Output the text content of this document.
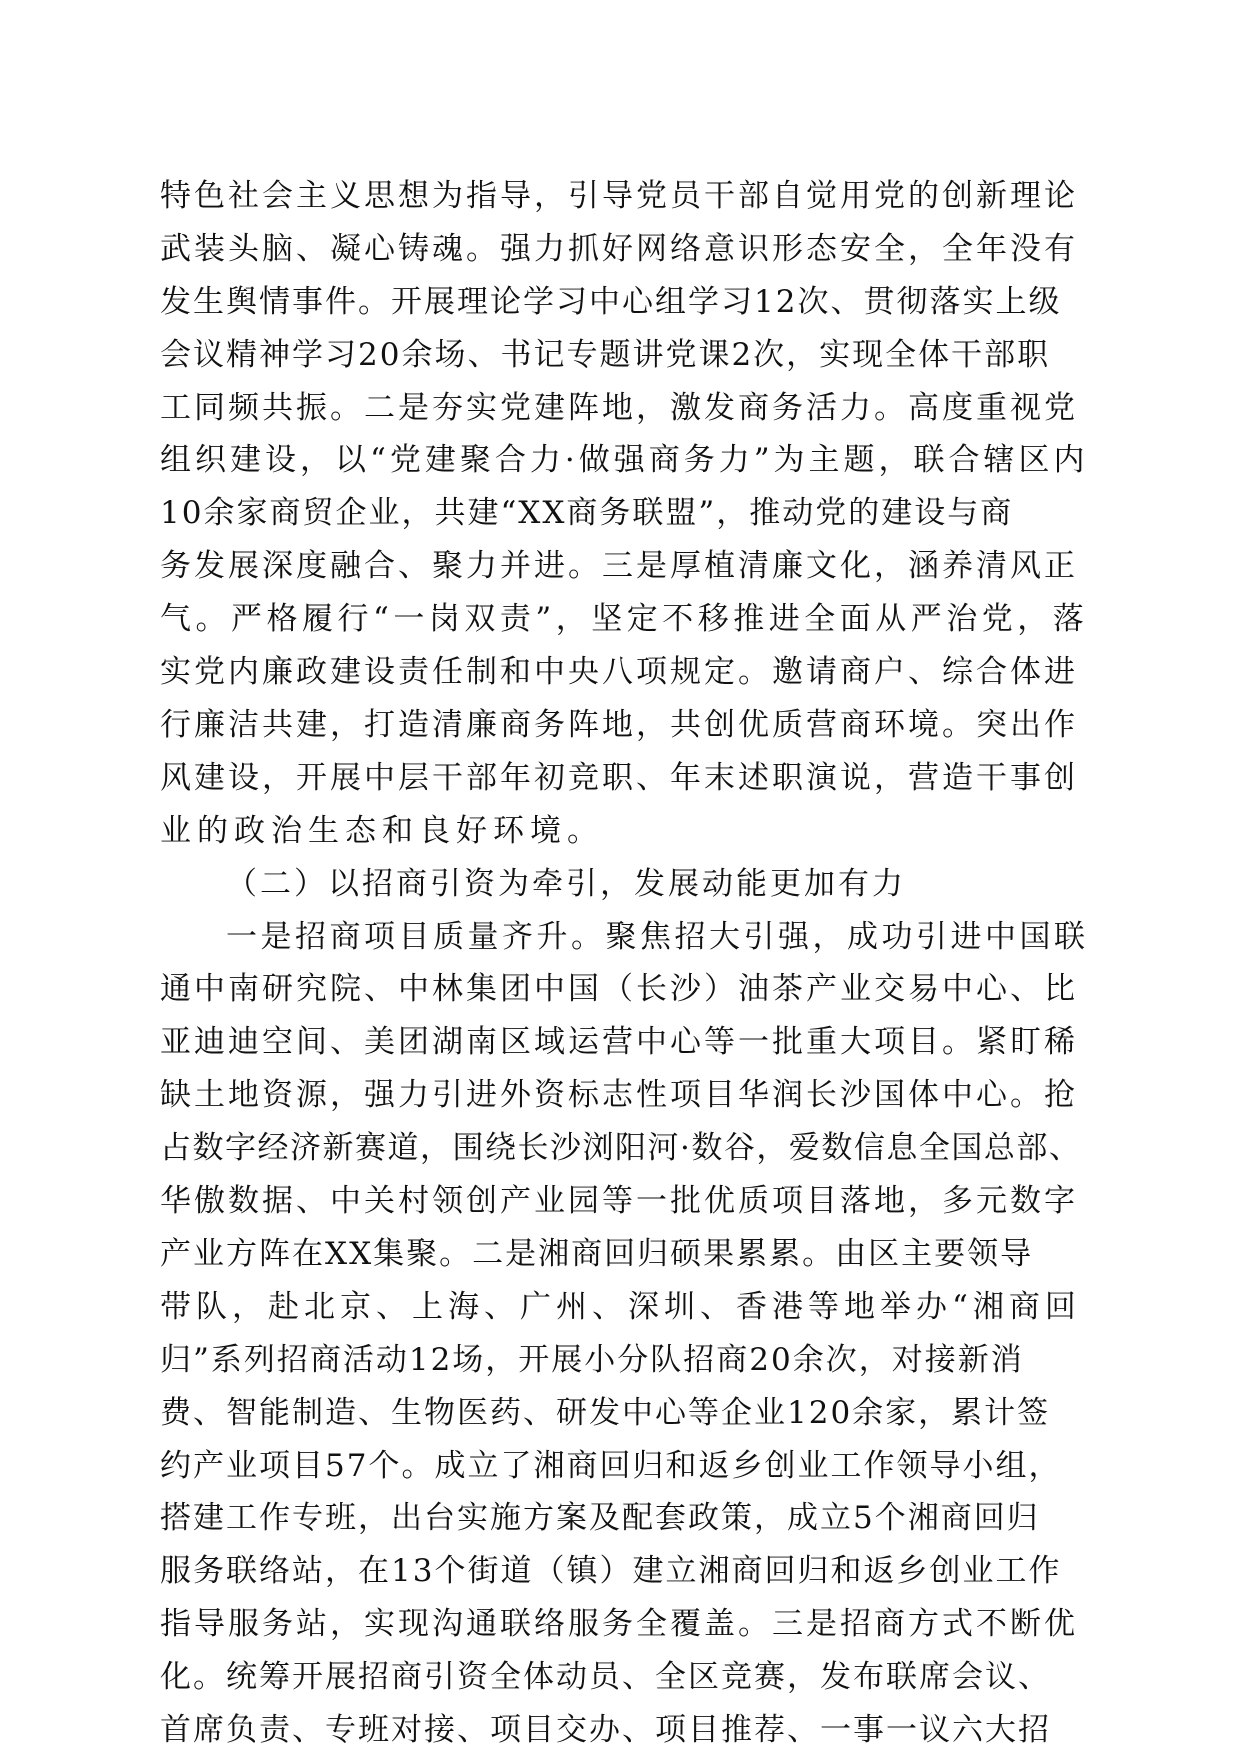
特色社会主义思想为指导，引导党员干部自觉用党的创新理论
武装头脑、凝心铸魂。强力抓好网络意识形态安全，全年没有
发生舆情事件。开展理论学习中心组学习12次、贯彻落实上级
会议精神学习20余场、书记专题讲党课2次，实现全体干部职
工同频共振。二是夯实党建阵地，激发商务活力。高度重视党
组织建设，以“党建聚合力·做强商务力”为主题，联合辖区内
10余家商贸企业，共建“XX商务联盟”，推动党的建设与商
务发展深度融合、聚力并进。三是厚植清廉文化，涵养清风正
气。严格履行“一岗双责”，坚定不移推进全面从严治党，落
实党内廉政建设责任制和中央八项规定。邀请商户、综合体进
行廉洁共建，打造清廉商务阵地，共创优质营商环境。突出作
风建设，开展中层干部年初竞职、年末述职演说，营造干事创
业的政治生态和良好环境。
（二）以招商引资为牵引，发展动能更加有力
一是招商项目质量齐升。聚焦招大引强，成功引进中国联
通中南研究院、中林集团中国（长沙）油茶产业交易中心、比
亚迪迪空间、美团湖南区域运营中心等一批重大项目。紧盯稀
缺土地资源，强力引进外资标志性项目华润长沙国体中心。抢
占数字经济新赛道，围绕长沙浏阳河·数谷，爱数信息全国总部、
华傲数据、中关村领创产业园等一批优质项目落地，多元数字
产业方阵在XX集聚。二是湘商回归硕果累累。由区主要领导
带队，赴北京、上海、广州、深圳、香港等地举办“湘商回
归”系列招商活动12场，开展小分队招商20余次，对接新消
费、智能制造、生物医药、研发中心等企业120余家，累计签
约产业项目57个。成立了湘商回归和返乡创业工作领导小组，
搭建工作专班，出台实施方案及配套政策，成立5个湘商回归
服务联络站，在13个街道（镇）建立湘商回归和返乡创业工作
指导服务站，实现沟通联络服务全覆盖。三是招商方式不断优
化。统筹开展招商引资全体动员、全区竞赛，发布联席会议、
首席负责、专班对接、项目交办、项目推荐、一事一议六大招
